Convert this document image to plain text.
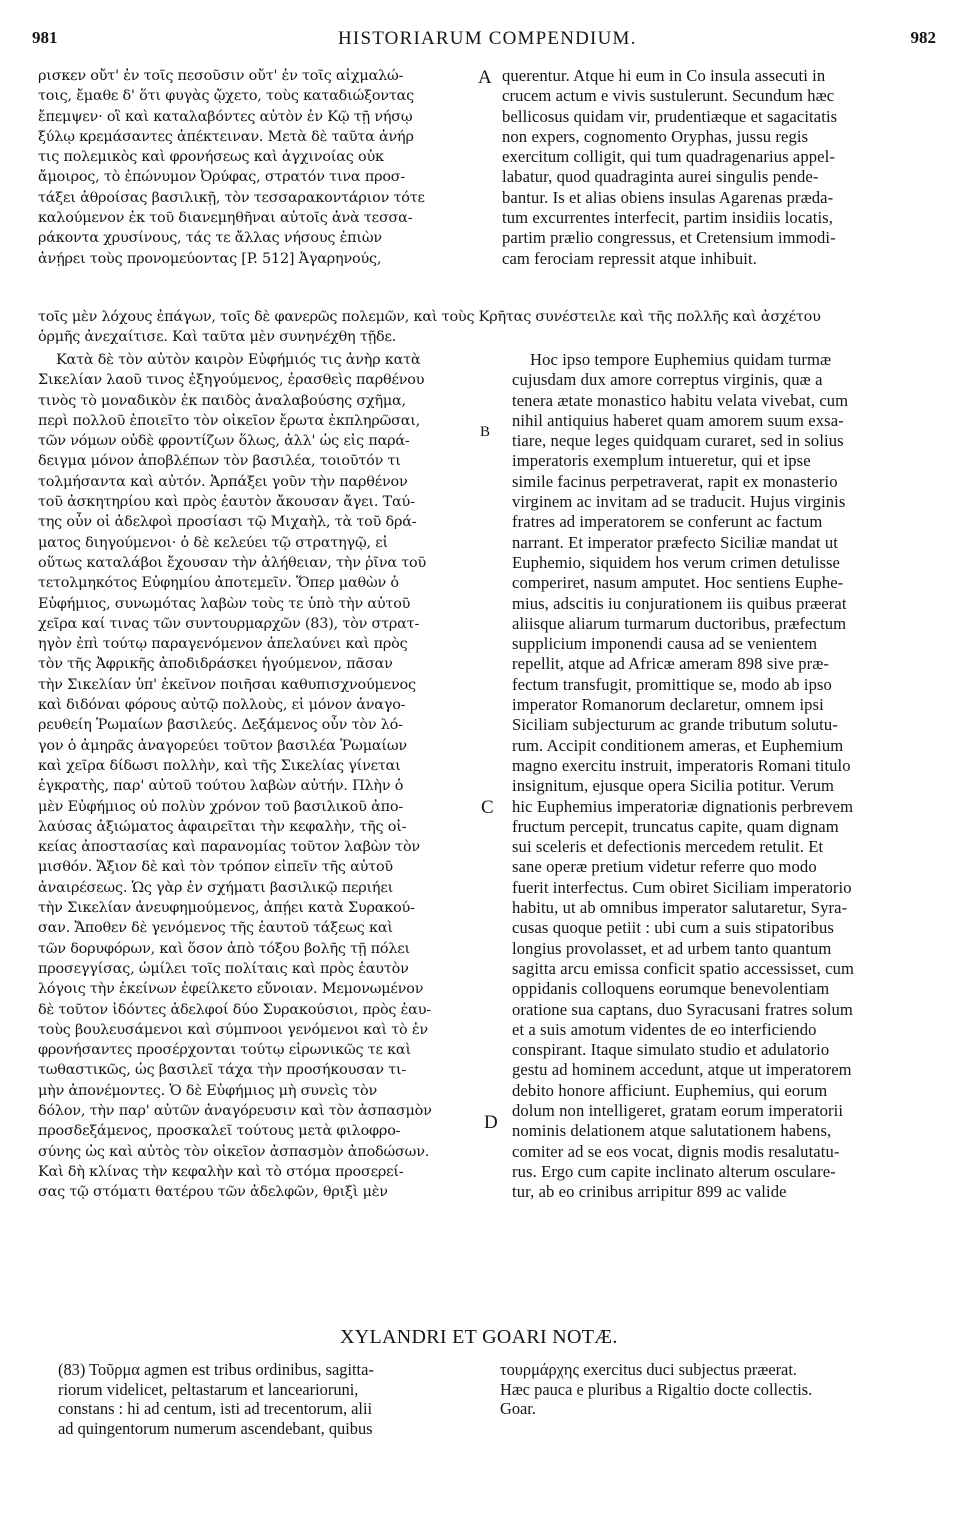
981	HISTORIARUM COMPENDIUM.	982
A
B
C
D
ρισκεν οὔτ' ἐν τοῖς πεσοῦσιν οὔτ' ἐν τοῖς αἰχμαλώ-
τοις, ἔμαθε δ' ὅτι φυγὰς ᾤχετο, τοὺς καταδιώξοντας
ἔπεμψεν· οἳ καὶ καταλαβόντες αὐτὸν ἐν Κῷ τῇ νήσῳ
ξύλῳ κρεμάσαντες ἀπέκτειναν. Μετὰ δὲ ταῦτα ἀνήρ
τις πολεμικὸς καὶ φρονήσεως καὶ ἀγχινοίας οὐκ
ἄμοιρος, τὸ ἐπώνυμον Ὀρύφας, στρατόν τινα προσ-
τάξει ἀθροίσας βασιλικῇ, τὸν τεσσαρακοντάριον τότε
καλούμενον ἐκ τοῦ διανεμηθῆναι αὐτοῖς ἀνὰ τεσσα-
ράκοντα χρυσίνους, τάς τε ἄλλας νήσους ἐπιὼν
ἀνῄρει τοὺς προνομεύοντας [P. 512] Ἀγαρηνούς,
querentur. Atque hi eum in Co insula assecuti in
crucem actum e vivis sustulerunt. Secundum hæc
bellicosus quidam vir, prudentiæque et sagacitatis
non expers, cognomento Oryphas, jussu regis
exercitum colligit, qui tum quadragenarius appel-
labatur, quod quadraginta aurei singulis pende-
bantur. Is et alias obiens insulas Agarenas præda-
tum excurrentes interfecit, partim insidiis locatis,
partim prælio congressus, et Cretensium immodi-
cam ferociam repressit atque inhibuit.
τοῖς μὲν λόχους ἐπάγων, τοῖς δὲ φανερῶς πολεμῶν, καὶ τοὺς Κρῆτας συνέστειλε καὶ τῆς πολλῆς καὶ ἀσχέτου
ὁρμῆς ἀνεχαίτισε. Καὶ ταῦτα μὲν συνηνέχθη τῇδε.
Κατὰ δὲ τὸν αὐτὸν καιρὸν Εὐφήμιός τις ἀνὴρ κατὰ
Σικελίαν λαοῦ τινος ἐξηγούμενος, ἐρασθεὶς παρθένου
τινὸς τὸ μοναδικὸν ἐκ παιδὸς ἀναλαβούσης σχῆμα,
περὶ πολλοῦ ἐποιεῖτο τὸν οἰκεῖον ἔρωτα ἐκπληρῶσαι,
τῶν νόμων οὐδὲ φροντίζων ὅλως, ἀλλ' ὡς εἰς παρά-
δειγμα μόνον ἀποβλέπων τὸν βασιλέα, τοιοῦτόν τι
τολμήσαντα καὶ αὐτόν. Ἁρπάξει γοῦν τὴν παρθένον
τοῦ ἀσκητηρίου καὶ πρὸς ἑαυτὸν ἄκουσαν ἄγει. Ταύ-
της οὖν οἱ ἀδελφοὶ προσίασι τῷ Μιχαὴλ, τὰ τοῦ δρά-
ματος διηγούμενοι· ὁ δὲ κελεύει τῷ στρατηγῷ, εἰ
οὕτως καταλάβοι ἔχουσαν τὴν ἀλήθειαν, τὴν ῥῖνα τοῦ
τετολμηκότος Εὐφημίου ἀποτεμεῖν. Ὅπερ μαθὼν ὁ
Εὐφήμιος, συνωμότας λαβὼν τοὺς τε ὑπὸ τὴν αὐτοῦ
χεῖρα καί τινας τῶν συντουρμαρχῶν (83), τὸν στρατ-
ηγὸν ἐπὶ τούτῳ παραγενόμενον ἀπελαύνει καὶ πρὸς
τὸν τῆς Ἀφρικῆς ἀποδιδράσκει ἡγούμενον, πᾶσαν
τὴν Σικελίαν ὑπ' ἐκεῖνον ποιῆσαι καθυπισχνούμενος
καὶ διδόναι φόρους αὐτῷ πολλοὺς, εἰ μόνον ἀναγο-
ρευθείη Ῥωμαίων βασιλεύς. Δεξάμενος οὖν τὸν λό-
γον ὁ ἀμηρᾶς ἀναγορεύει τοῦτον βασιλέα Ῥωμαίων
καὶ χεῖρα δίδωσι πολλὴν, καὶ τῆς Σικελίας γίνεται
ἐγκρατὴς, παρ' αὐτοῦ τούτου λαβὼν αὐτήν. Πλὴν ὁ
μὲν Εὐφήμιος οὐ πολὺν χρόνον τοῦ βασιλικοῦ ἀπο-
λαύσας ἀξιώματος ἀφαιρεῖται τὴν κεφαλὴν, τῆς οἰ-
κείας ἀποστασίας καὶ παρανομίας τοῦτον λαβὼν τὸν
μισθόν. Ἄξιον δὲ καὶ τὸν τρόπον εἰπεῖν τῆς αὐτοῦ
ἀναιρέσεως. Ὡς γὰρ ἐν σχήματι βασιλικῷ περιήει
τὴν Σικελίαν ἀνευφημούμενος, ἀπῄει κατὰ Συρακού-
σαν. Ἄποθεν δὲ γενόμενος τῆς ἑαυτοῦ τάξεως καὶ
τῶν δορυφόρων, καὶ ὅσον ἀπὸ τόξου βολῆς τῇ πόλει
προσεγγίσας, ὡμίλει τοῖς πολίταις καὶ πρὸς ἑαυτὸν
λόγοις τὴν ἐκείνων ἐφείλκετο εὔνοιαν. Μεμονωμένον
δὲ τοῦτον ἰδόντες ἀδελφοί δύο Συρακούσιοι, πρὸς ἑαυ-
τοὺς βουλευσάμενοι καὶ σύμπνοοι γενόμενοι καὶ τὸ ἐν
φρονήσαντες προσέρχονται τούτῳ εἰρωνικῶς τε καὶ
τωθαστικῶς, ὡς βασιλεῖ τάχα τὴν προσήκουσαν τι-
μὴν ἀπονέμοντες. Ὁ δὲ Εὐφήμιος μὴ συνεὶς τὸν
δόλον, τὴν παρ' αὐτῶν ἀναγόρευσιν καὶ τὸν ἀσπασμὸν
προσδεξάμενος, προσκαλεῖ τούτους μετὰ φιλοφρο-
σύνης ὡς καὶ αὐτὸς τὸν οἰκεῖον ἀσπασμὸν ἀποδώσων.
Καὶ δὴ κλίνας τὴν κεφαλὴν καὶ τὸ στόμα προσερεί-
σας τῷ στόματι θατέρου τῶν ἀδελφῶν, θριξὶ μὲν
Hoc ipso tempore Euphemius quidam turmæ
cujusdam dux amore correptus virginis, quæ a
tenera ætate monastico habitu velata vivebat, cum
nihil antiquius haberet quam amorem suum exsa-
tiare, neque leges quidquam curaret, sed in solius
imperatoris exemplum intueretur, qui et ipse
simile facinus perpetraverat, rapit ex monasterio
virginem ac invitam ad se traducit. Hujus virginis
fratres ad imperatorem se conferunt ac factum
narrant. Et imperator præfecto Siciliæ mandat ut
Euphemio, siquidem hos verum crimen detulisse
comperiret, nasum amputet. Hoc sentiens Euphe-
mius, adscitis iu conjurationem iis quibus præerat
aliisque aliarum turmarum ductoribus, præfectum
supplicium imponendi causa ad se venientem
repellit, atque ad Africæ ameram 898 sive præ-
fectum transfugit, promittique se, modo ab ipso
imperator Romanorum declaretur, omnem ipsi
Siciliam subjecturum ac grande tributum solutu-
rum. Accipit conditionem ameras, et Euphemium
magno exercitu instruit, imperatoris Romani titulo
insignitum, ejusque opera Sicilia potitur. Verum
hic Euphemius imperatoriæ dignationis perbrevem
fructum percepit, truncatus capite, quam dignam
sui sceleris et defectionis mercedem retulit. Et
sane operæ pretium videtur referre quo modo
fuerit interfectus. Cum obiret Siciliam imperatorio
habitu, ut ab omnibus imperator salutaretur, Syra-
cusas quoque petiit : ubi cum a suis stipatoribus
longius provolasset, et ad urbem tanto quantum
sagitta arcu emissa conficit spatio accessisset, cum
oppidanis colloquens eorumque benevolentiam
oratione sua captans, duo Syracusani fratres solum
et a suis amotum videntes de eo interficiendo
conspirant. Itaque simulato studio et adulatorio
gestu ad hominem accedunt, atque ut imperatorem
debito honore afficiunt. Euphemius, qui eorum
dolum non intelligeret, gratam eorum imperatorii
nominis delationem atque salutationem habens,
comiter ad se eos vocat, dignis modis resalutatu-
rus. Ergo cum capite inclinato alterum osculare-
tur, ab eo crinibus arripitur 899 ac valide
XYLANDRI ET GOARI NOTÆ.
(83) Τοῦρμα agmen est tribus ordinibus, sagitta-
riorum videlicet, peltastarum et lancearioruni,
constans : hi ad centum, isti ad trecentorum, alii
ad quingentorum numerum ascendebant, quibus
τουρμάρχης exercitus duci subjectus præerat.
Hæc pauca e pluribus a Rigaltio docte collectis.
Goar.
